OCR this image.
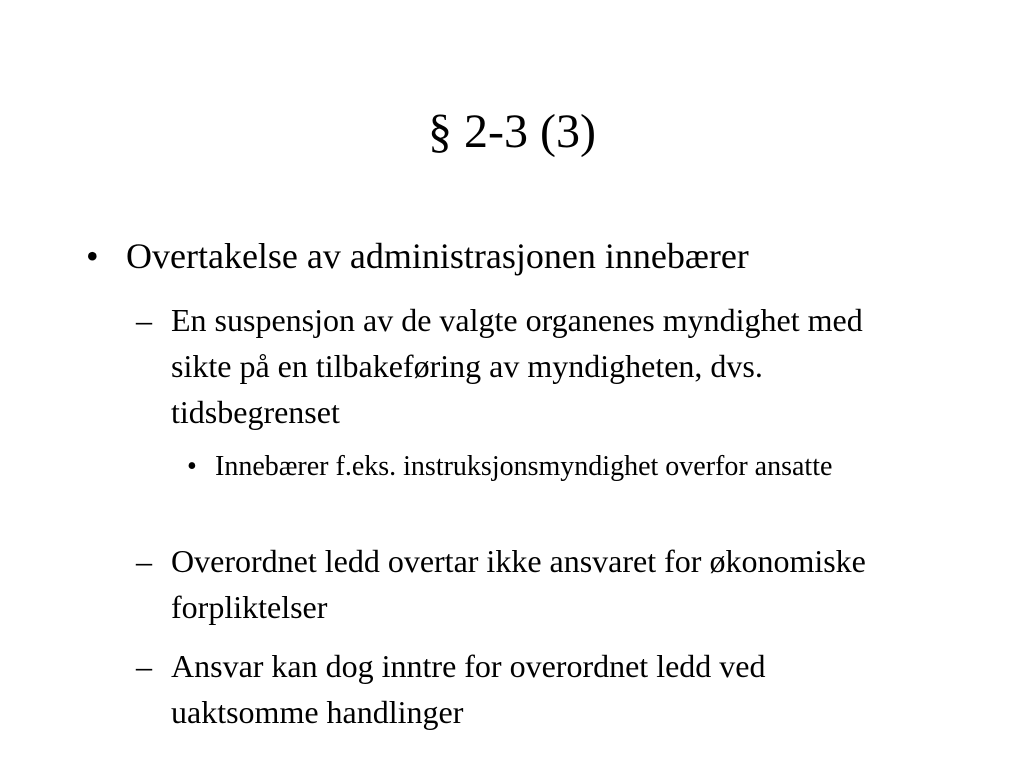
§ 2-3 (3)
• Overtakelse av administrasjonen innebærer
– En suspensjon av de valgte organenes myndighet med sikte på en tilbakeføring av myndigheten, dvs. tidsbegrenset
• Innebærer f.eks. instruksjonsmyndighet overfor ansatte
– Overordnet ledd overtar ikke ansvaret for økonomiske forpliktelser
– Ansvar kan dog inntre for overordnet ledd ved uaktsomme handlinger
